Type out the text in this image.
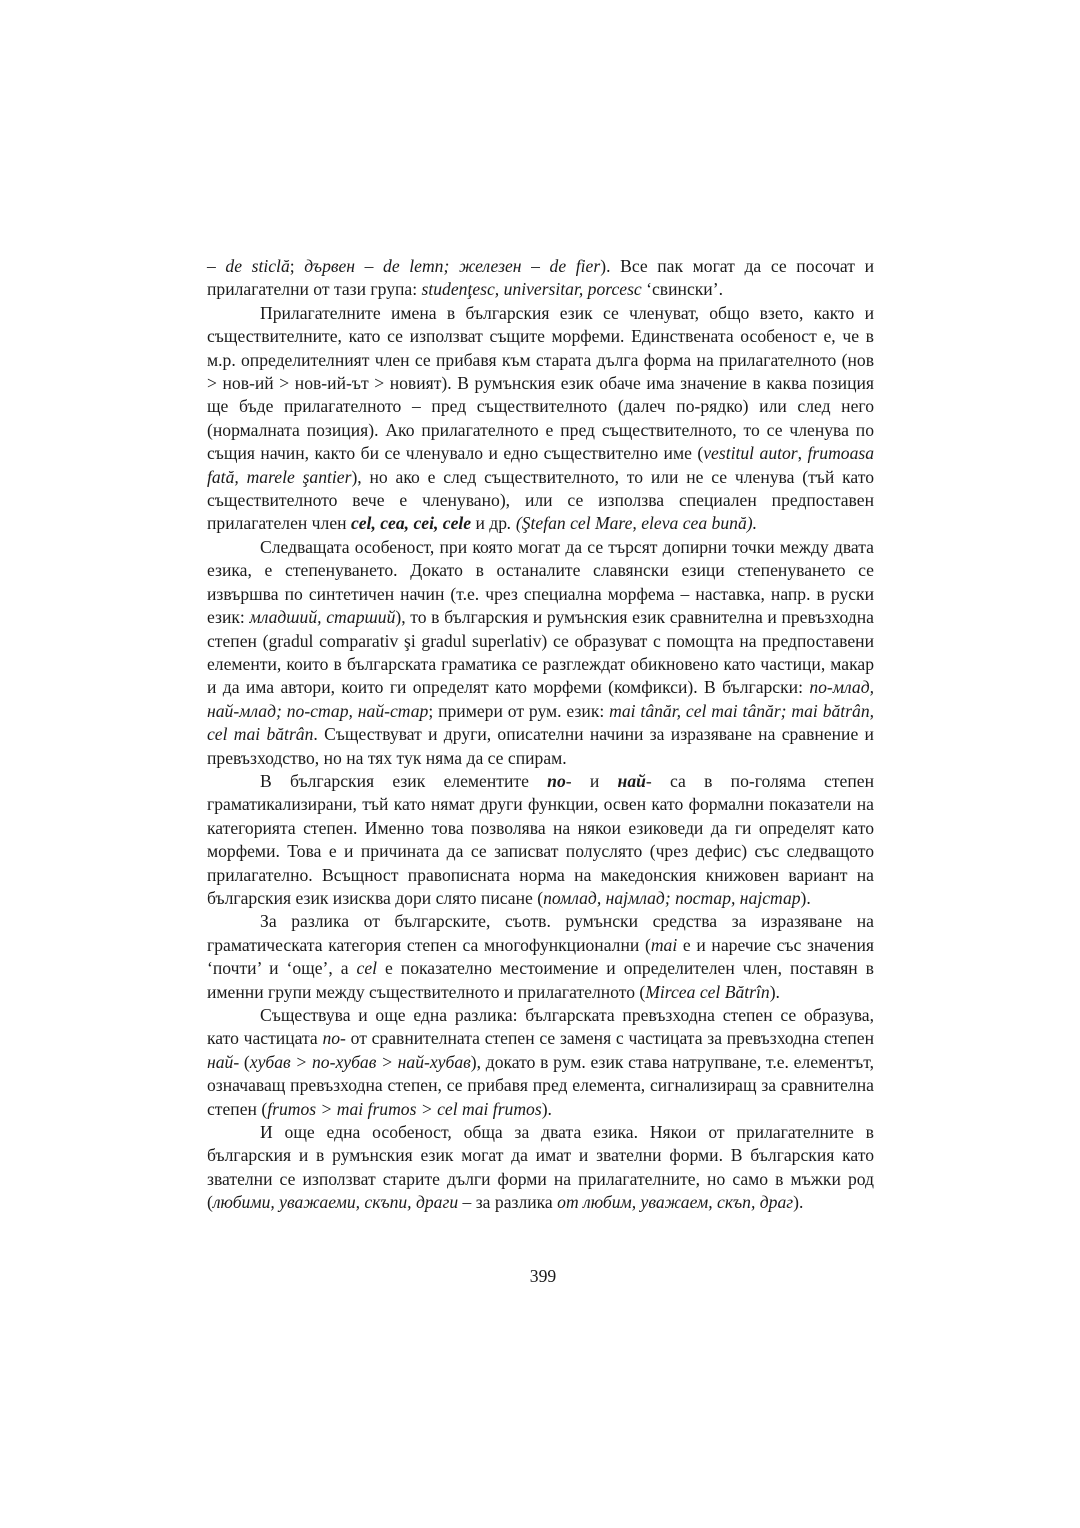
– de sticlă; дървен – de lemn; железен – de fier). Все пак могат да се посочат и прилагателни от тази група: studenţesc, universitar, porcesc ‘свински’.

Прилагателните имена в българския език се членуват, общо взето, както и съществителните, като се използват същите морфеми. Единствената особеност е, че в м.р. определителният член се прибавя към старата дълга форма на прилагателното (нов > нов-ий > нов-ий-ът > новият). В румънския език обаче има значение в каква позиция ще бъде прилагателното – пред съществителното (далеч по-рядко) или след него (нормалната позиция). Ако прилагателното е пред съществителното, то се членува по същия начин, както би се членувало и едно съществително име (vestitul autor, frumoasa fată, marele şantier), но ако е след съществителното, то или не се членува (тъй като съществителното вече е членувано), или се използва специален предпоставен прилагателен член cel, cea, cei, cele и др. (Ştefan cel Mare, eleva cea bună).

Следващата особеност, при която могат да се търсят допирни точки между двата езика, е степенуването. Докато в останалите славянски езици степенуването се извършва по синтетичен начин (т.е. чрез специална морфема – наставка, напр. в руски език: младший, старший), то в българския и румънския език сравнителна и превъзходна степен (gradul comparativ şi gradul superlativ) се образуват с помощта на предпоставени елементи, които в българската граматика се разглеждат обикновено като частици, макар и да има автори, които ги определят като морфеми (комфикси). В български: по-млад, най-млад; по-стар, най-стар; примери от рум. език: mai tânăr, cel mai tânăr; mai bătrân, cel mai bătrân. Съществуват и други, описателни начини за изразяване на сравнение и превъзходство, но на тях тук няма да се спирам.

В българския език елементите по- и най- са в по-голяма степен граматикализирани, тъй като нямат други функции, освен като формални показатели на категорията степен. Именно това позволява на някои езиковеди да ги определят като морфеми. Това е и причината да се записват полуслято (чрез дефис) със следващото прилагателно. Всъщност правописната норма на македонския книжовен вариант на българския език изисква дори слято писане (помлад, најмлад; постар, најстар).

За разлика от българските, съотв. румънски средства за изразяване на граматическата категория степен са многофункционални (mai е и наречие със значения ‘почти’ и ‘още’, а cel е показателно местоимение и определителен член, поставян в именни групи между съществителното и прилагателното (Mircea cel Bătrîn).

Съществува и още една разлика: българската превъзходна степен се образува, като частицата по- от сравнителната степен се заменя с частицата за превъзходна степен най- (хубав > по-хубав > най-хубав), докато в рум. език става натрупване, т.е. елементът, означаващ превъзходна степен, се прибавя пред елемента, сигнализиращ за сравнителна степен (frumos > mai frumos > cel mai frumos).

И още една особеност, обща за двата езика. Някои от прилагателните в българския и в румънския език могат да имат и звателни форми. В българския като звателни се използват старите дълги форми на прилагателните, но само в мъжки род (любими, уважаеми, скъпи, драги – за разлика от любим, уважаем, скъп, драг).

399
